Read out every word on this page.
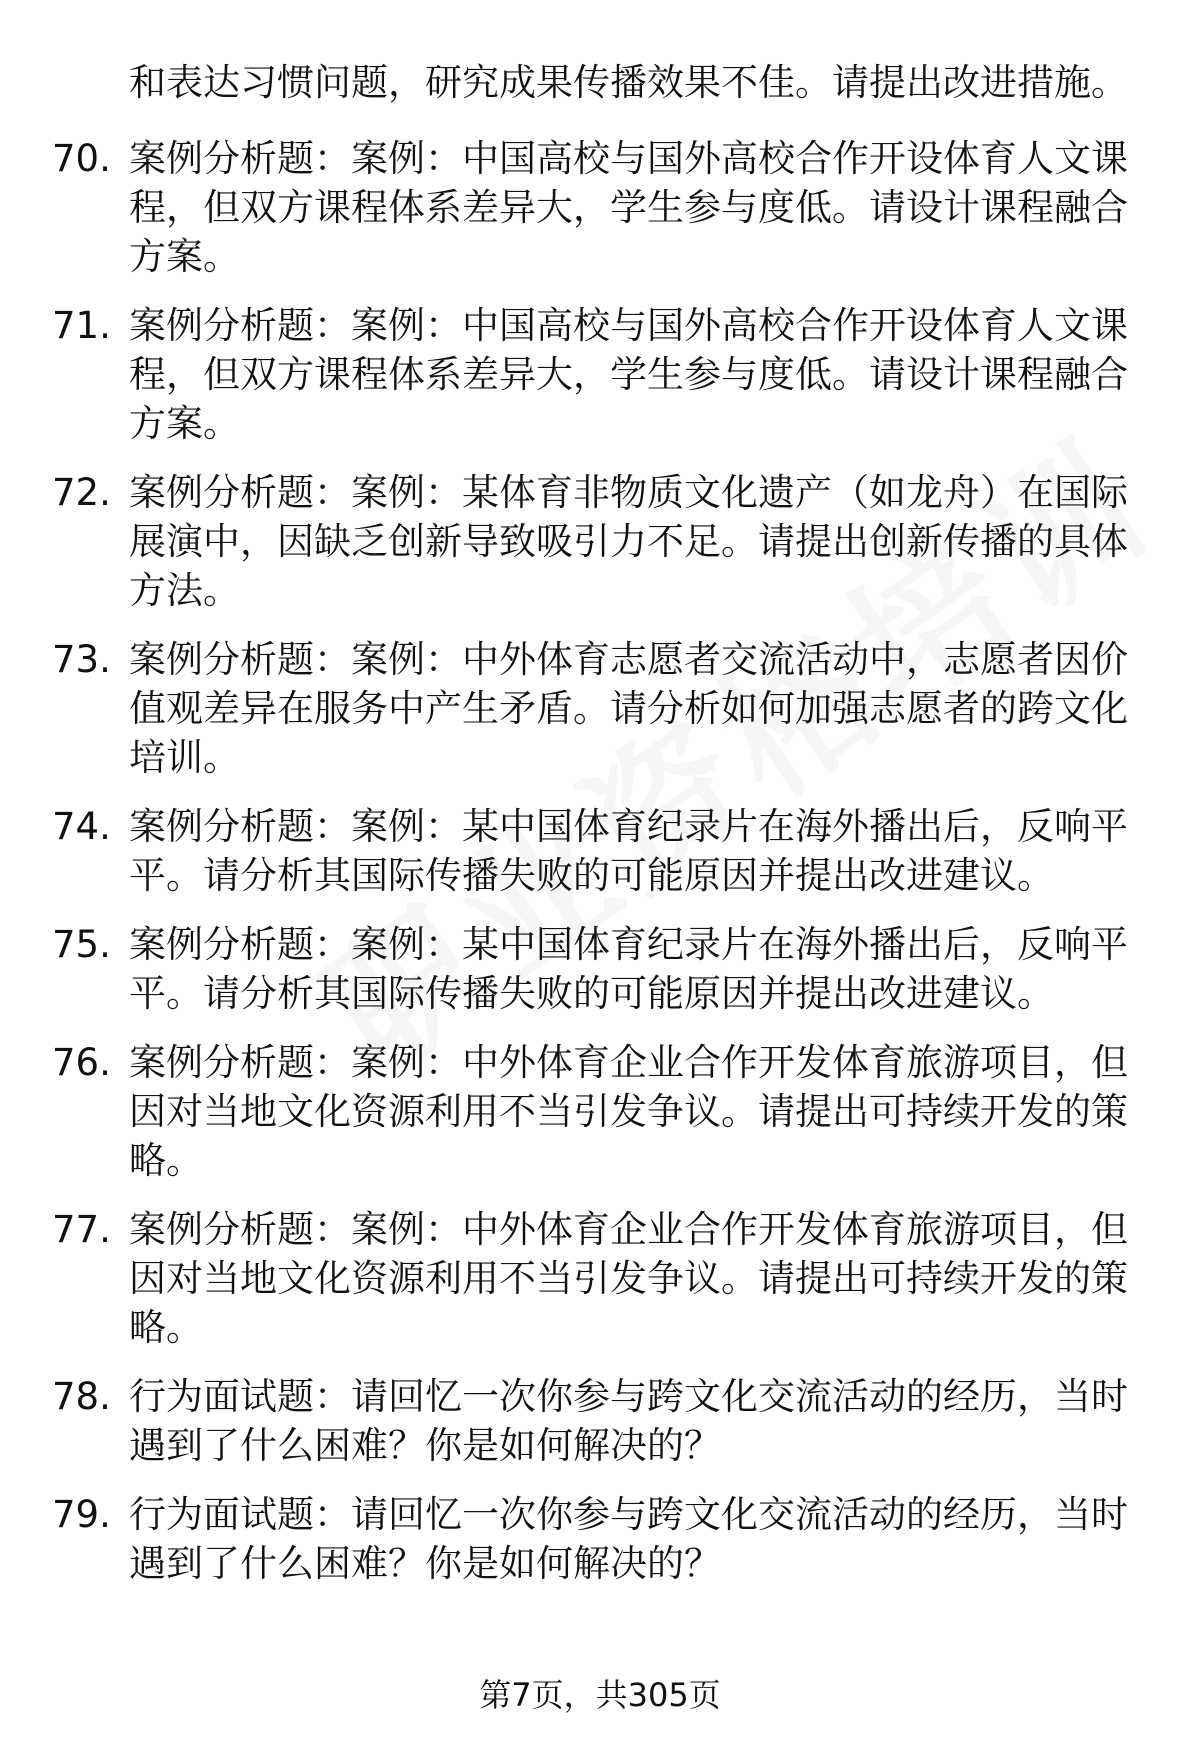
和表达习惯问题，研究成果传播效果不佳。请提出改进措施。
70. 案例分析题：案例：中国高校与国外高校合作开设体育人文课程，但双方课程体系差异大，学生参与度低。请设计课程融合方案。
71. 案例分析题：案例：中国高校与国外高校合作开设体育人文课程，但双方课程体系差异大，学生参与度低。请设计课程融合方案。
72. 案例分析题：案例：某体育非物质文化遗产（如龙舟）在国际展演中，因缺乏创新导致吸引力不足。请提出创新传播的具体方法。
73. 案例分析题：案例：中外体育志愿者交流活动中，志愿者因价值观差异在服务中产生矛盾。请分析如何加强志愿者的跨文化培训。
74. 案例分析题：案例：某中国体育纪录片在海外播出后，反响平平。请分析其国际传播失败的可能原因并提出改进建议。
75. 案例分析题：案例：某中国体育纪录片在海外播出后，反响平平。请分析其国际传播失败的可能原因并提出改进建议。
76. 案例分析题：案例：中外体育企业合作开发体育旅游项目，但因对当地文化资源利用不当引发争议。请提出可持续开发的策略。
77. 案例分析题：案例：中外体育企业合作开发体育旅游项目，但因对当地文化资源利用不当引发争议。请提出可持续开发的策略。
78. 行为面试题：请回忆一次你参与跨文化交流活动的经历，当时遇到了什么困难？你是如何解决的？
79. 行为面试题：请回忆一次你参与跨文化交流活动的经历，当时遇到了什么困难？你是如何解决的？
第7页，共305页
